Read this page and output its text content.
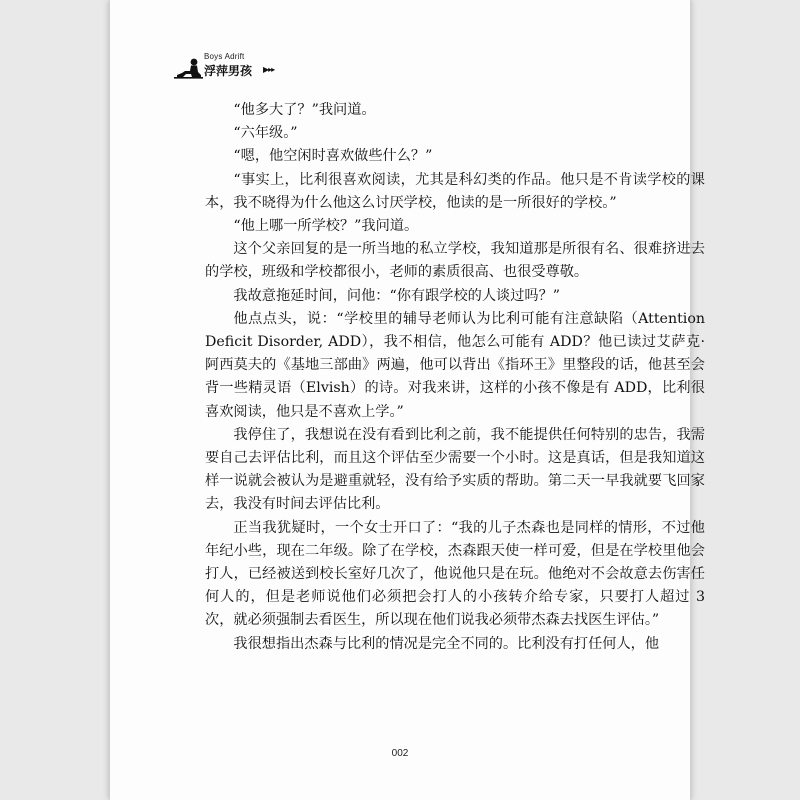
Boys Adrift
浮萍男孩 ▶▸▸

“他多大了？”我问道。

“六年级。”

“嗯，他空闲时喜欢做些什么？”

“事实上，比利很喜欢阅读，尤其是科幻类的作品。他只是不肯读学校的课本，我不晓得为什么他这么讨厌学校，他读的是一所很好的学校。”

“他上哪一所学校？”我问道。

这个父亲回复的是一所当地的私立学校，我知道那是所很有名、很难挤进去的学校，班级和学校都很小，老师的素质很高、也很受尊敬。

我故意拖延时间，问他：“你有跟学校的人谈过吗？”

他点点头，说：“学校里的辅导老师认为比利可能有注意缺陷（Attention Deficit Disorder, ADD），我不相信，他怎么可能有 ADD？他已读过艾萨克·阿西莫夫的《基地三部曲》两遍，他可以背出《指环王》里整段的话，他甚至会背一些精灵语（Elvish）的诗。对我来讲，这样的小孩不像是有 ADD，比利很喜欢阅读，他只是不喜欢上学。”

我停住了，我想说在没有看到比利之前，我不能提供任何特别的忠告，我需要自己去评估比利，而且这个评估至少需要一个小时。这是真话，但是我知道这样一说就会被认为是避重就轻，没有给予实质的帮助。第二天一早我就要飞回家去，我没有时间去评估比利。

正当我犹疑时，一个女士开口了：“我的儿子杰森也是同样的情形，不过他年纪小些，现在二年级。除了在学校，杰森跟天使一样可爱，但是在学校里他会打人，已经被送到校长室好几次了，他说他只是在玩。他绝对不会故意去伤害任何人的，但是老师说他们必须把会打人的小孩转介给专家，只要打人超过 3 次，就必须强制去看医生，所以现在他们说我必须带杰森去找医生评估。”

我很想指出杰森与比利的情况是完全不同的。比利没有打任何人，他

002
